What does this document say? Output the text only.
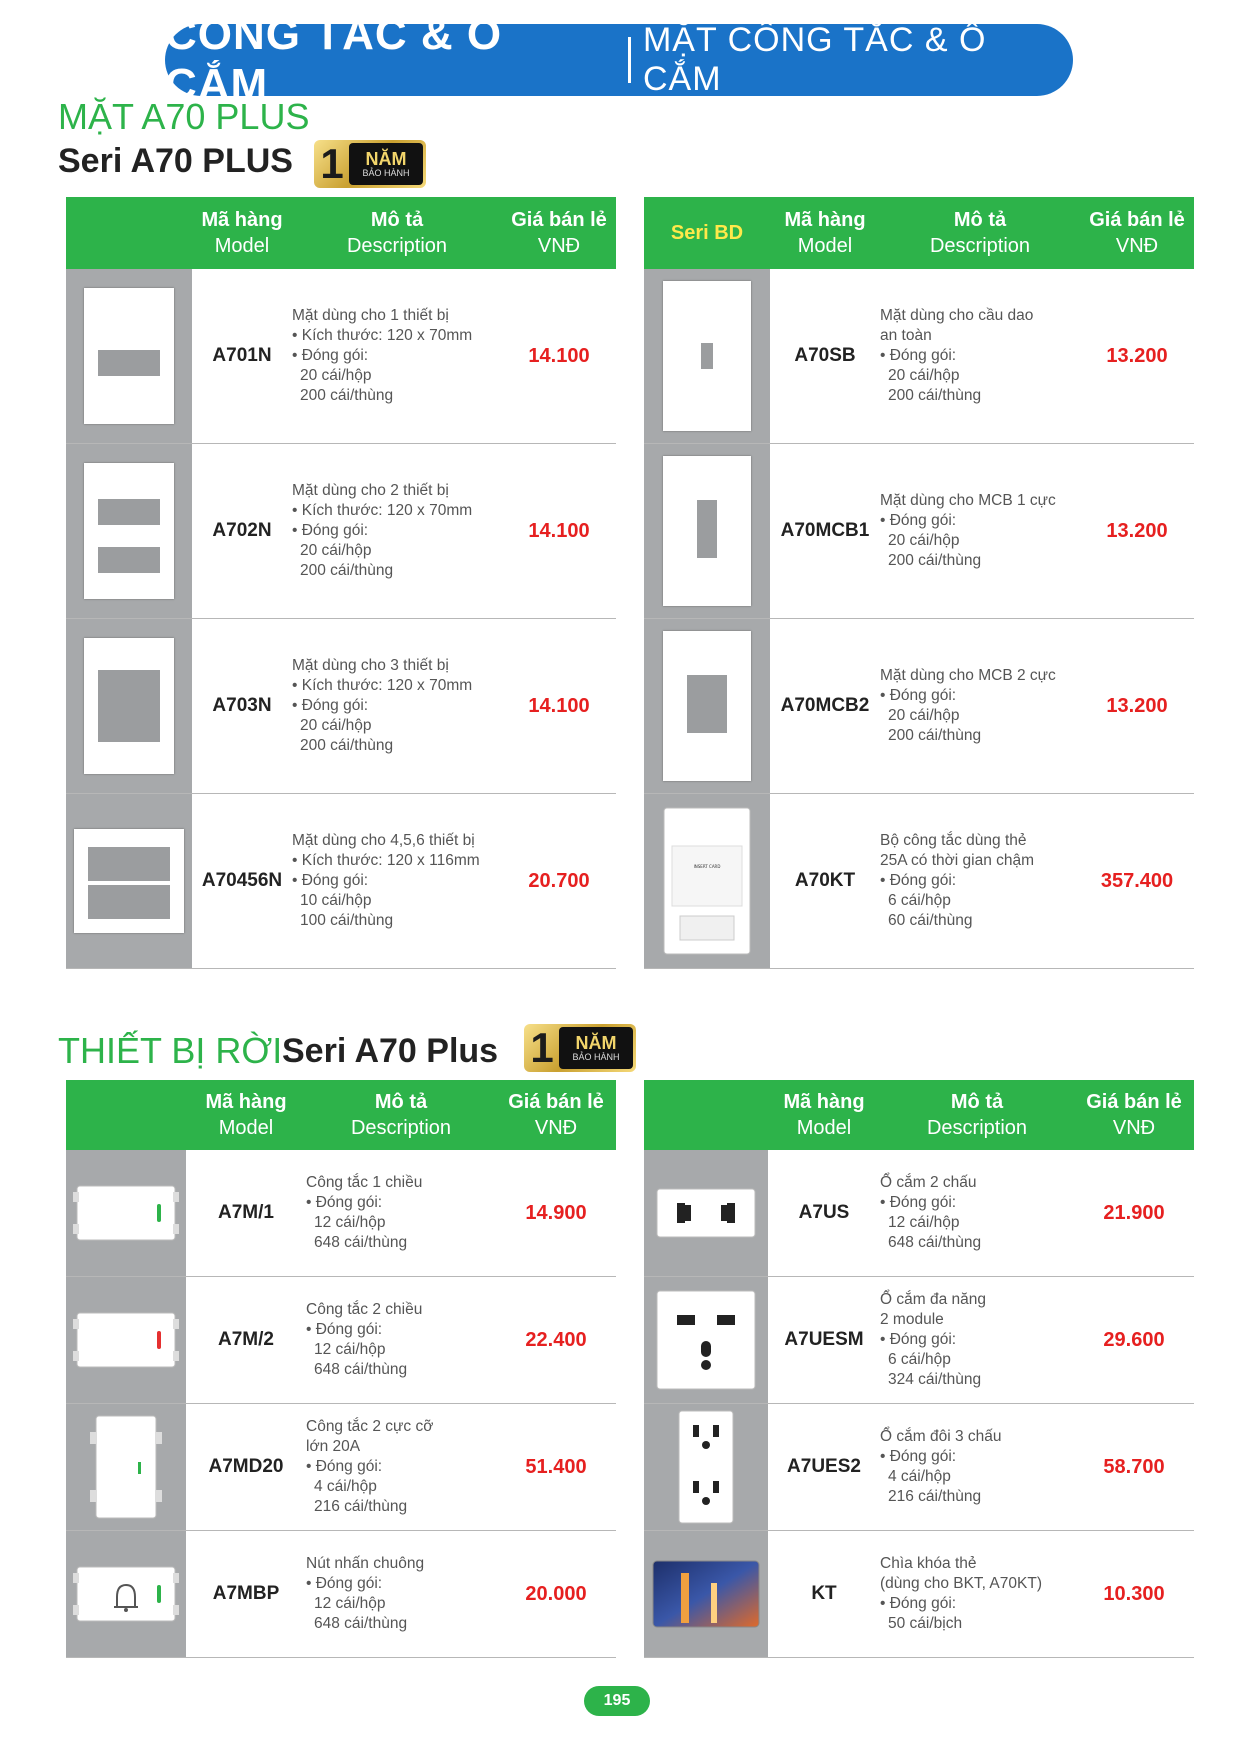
CÔNG TẮC & Ổ CẮM
MẶT CÔNG TẮC & Ổ CẮM
MẶT A70 PLUS
Seri A70 PLUS 1 NĂM
BẢO HÀNH
Mã hàng
Model
Mô tả
Description
Giá bán lẻ
VNĐ
A701N
Mặt dùng cho 1 thiết bị
• Kích thước: 120 x 70mm
• Đóng gói:
20 cái/hộp
200 cái/thùng
14.100
A702N
Mặt dùng cho 2 thiết bị
• Kích thước: 120 x 70mm
• Đóng gói:
20 cái/hộp
200 cái/thùng
14.100
A703N
Mặt dùng cho 3 thiết bị
• Kích thước: 120 x 70mm
• Đóng gói:
20 cái/hộp
200 cái/thùng
14.100
A70456N
Mặt dùng cho 4,5,6 thiết bị
• Kích thước: 120 x 116mm
• Đóng gói:
10 cái/hộp
100 cái/thùng
20.700
Seri BD
Mã hàng
Model
Mô tả
Description
Giá bán lẻ
VNĐ
A70SB
Mặt dùng cho cầu dao
an toàn
• Đóng gói:
20 cái/hộp
200 cái/thùng
13.200
A70MCB1
Mặt dùng cho MCB 1 cực
• Đóng gói:
20 cái/hộp
200 cái/thùng
13.200
A70MCB2
Mặt dùng cho MCB 2 cực
• Đóng gói:
20 cái/hộp
200 cái/thùng
13.200
INSERT CARD
A70KT
Bộ công tắc dùng thẻ
25A có thời gian chậm
• Đóng gói:
6 cái/hộp
60 cái/thùng
357.400
THIẾT BỊ RỜI Seri A70 Plus 1 NĂM
BẢO HÀNH
Mã hàng
Model
Mô tả
Description
Giá bán lẻ
VNĐ
A7M/1
Công tắc 1 chiều
• Đóng gói:
12 cái/hộp
648 cái/thùng
14.900
A7M/2
Công tắc 2 chiều
• Đóng gói:
12 cái/hộp
648 cái/thùng
22.400
A7MD20
Công tắc 2 cực cỡ
lớn 20A
• Đóng gói:
4 cái/hộp
216 cái/thùng
51.400
A7MBP
Nút nhấn chuông
• Đóng gói:
12 cái/hộp
648 cái/thùng
20.000
Mã hàng
Model
Mô tả
Description
Giá bán lẻ
VNĐ
A7US
Ổ cắm 2 chấu
• Đóng gói:
12 cái/hộp
648 cái/thùng
21.900
A7UESM
Ổ cắm đa năng
2 module
• Đóng gói:
6 cái/hộp
324 cái/thùng
29.600
A7UES2
Ổ cắm đôi 3 chấu
• Đóng gói:
4 cái/hộp
216 cái/thùng
58.700
KT
Chìa khóa thẻ
(dùng cho BKT, A70KT)
• Đóng gói:
50 cái/bịch
10.300
195
